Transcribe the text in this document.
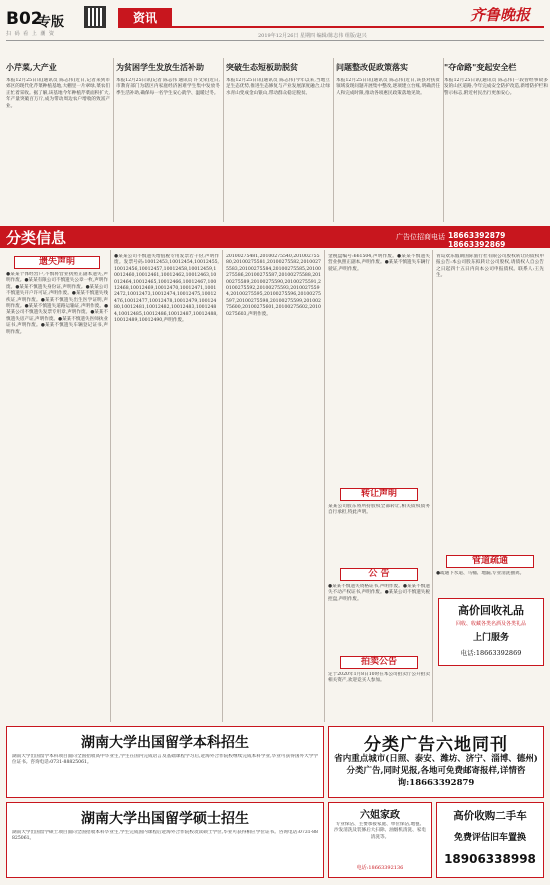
B02
专版
扫 码 看 上 潮 资
资讯	齐鲁晚报
2019年12月26日 星期四 编辑/陈志伟 组版/赵兴
小芹菜,大产业
本报12月25日讯(通讯员 陈志伟)近日,记者来到市郊区的现代化芹菜种植基地,大棚里一片翠绿,菜农们正忙着采收。据了解,该基地今年种植芹菜面积扩大,年产量突破百万斤,成为带动周边农户增收的致富产业。
为贫困学生发放生活补助
本报12月25日讯(记者 陈志伟 通讯员 许文荣)近日,市教育部门为辖区内家庭经济困难学生集中发放冬季生活补助,确保每一名学生安心就学、温暖过冬。
突破生态短板助脱贫
本报12月25日讯(通讯员 陈志伟)今年以来,当地立足生态优势,推进生态修复与产业发展深度融合,让绿水青山变成金山银山,带动群众稳定脱贫。
问题整改促政策落实
本报12月25日讯(通讯员 陈志伟)近日,该县对扶贫领域发现问题开展集中整改,逐项建立台账,明确责任人和完成时限,推动各项惠民政策落地见效。
"夺命路"变起安全栏
本报12月25日讯(通讯员 陈志伟)一段曾经事故多发的山区道路,今年完成安全防护改造,新增防护栏和警示标志,附近村民出行更加安心。
分类信息	广告位招商电话 18663392879 18663392869
遗失声明
●某某个体经营户,不慎将营业执照正副本遗失,声明作废。●某某有限公司不慎遗失公章一枚,声明作废。●某某不慎遗失身份证,声明作废。●某某公司不慎遗失开户许可证,声明作废。●某某不慎遗失残疾证,声明作废。●某某不慎遗失出生医学证明,声明作废。●某某不慎遗失道路运输证,声明作废。●某某公司不慎遗失发票专用章,声明作废。●某某不慎遗失房产证,声明作废。●某某不慎遗失医师执业证书,声明作废。●某某不慎遗失车辆登记证书,声明作废。
●某某公司不慎遗失增值税专用发票若干份,声明作废。发票号码:10012453,10012454,10012455,10012456,10012457,10012458,10012459,10012460,10012461,10012462,10012463,10012464,10012465,10012466,10012467,10012468,10012469,10012470,10012471,10012472,10012473,10012474,10012475,10012476,10012477,10012478,10012479,10012480,10012481,10012482,10012483,10012484,10012485,10012486,10012487,10012488,10012489,10012490,声明作废。
20100275481,20100275540,20100275580,20100275581,20100275582,20100275583,20100275584,20100275585,20100275586,20100275587,20100275588,20100275589,20100275590,20100275591,20100275592,20100275593,20100275594,20100275595,20100275596,20100275597,20100275598,20100275599,20100275600,20100275601,20100275602,20100275603,声明作废。
金税盘编号:661504,声明作废。●某某不慎遗失营业执照正副本,声明作废。●某某不慎遗失车辆行驶证,声明作废。
转让声明
某某公司股东将所持股权全部转让,相关债权债务自行承担,特此声明。
公 告
●某某不慎遗失资格证书,声明作废。●某某不慎遗失不动产权证书,声明作废。●某某公司不慎遗失税控盘,声明作废。
拍卖公告
定于2020年1月8日10时在本公司拍卖厅公开拍卖相关资产,欢迎竞买人参加。
青岛欢乐假期国际旅行社有限公司股权转让的债权申报公告:本公司股东拟转让公司股权,请债权人自公告之日起四十五日内向本公司申报债权。联系人:王先生。
管道疏通
●疏通下水道、马桶、地漏,专业清洗抽粪。
高价回收礼品
回收、收藏各类名酒及各类礼品
上门服务
电话:18663392869
湖南大学出国留学本科招生
湖南大学出国留学本科项目面向全国招收高中毕业生,学生在国内完成语言及基础课程学习后,赴海外合作院校继续完成本科学业,毕业可获得国外大学学位证书。咨询电话:0731-88825061。
湖南大学出国留学硕士招生
湖南大学出国留学硕士项目面向全国招收本科毕业生,学生完成国内课程后赴海外合作院校攻读硕士学位,毕业可获得相应学位证书。咨询电话:0731-88825061。
分类广告六地同刊
省内重点城市(日照、泰安、潍坊、济宁、淄博、德州)分类广告,同时见报,各地可免费邮寄报样,详情咨询:18663392879
六姐家政
专业保洁、主要承接家庭、单位保洁,地毯、沙发清洗及装修后大扫除、油烟机清洗、家电清洗等。
电话:18663392136
高价收购二手车
免费评估旧车置换
18906338998
